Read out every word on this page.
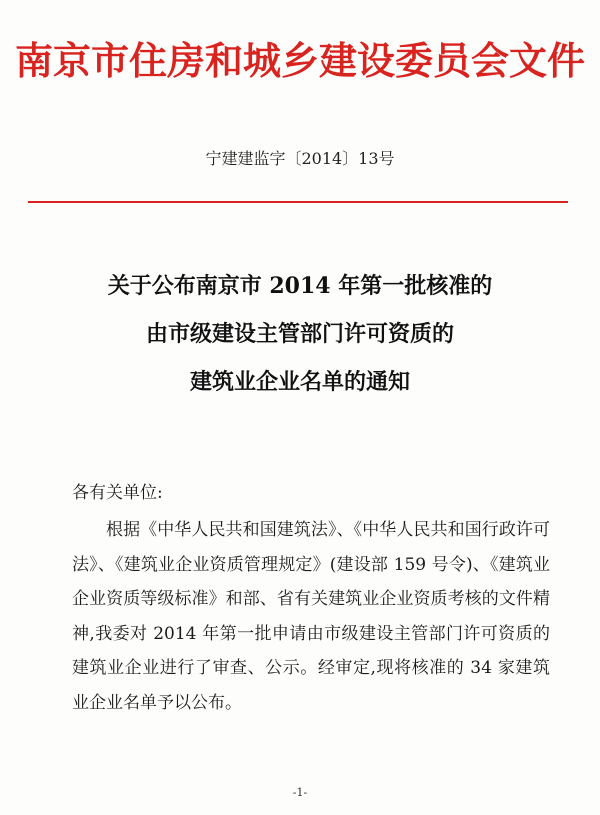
南京市住房和城乡建设委员会文件
宁建建监字〔2014〕13号
关于公布南京市 2014 年第一批核准的
由市级建设主管部门许可资质的
建筑业企业名单的通知
各有关单位:
根据《中华人民共和国建筑法》、《中华人民共和国行政许可
法》、《建筑业企业资质管理规定》(建设部 159 号令)、《建筑业
企业资质等级标准》和部、省有关建筑业企业资质考核的文件精
神,我委对 2014 年第一批申请由市级建设主管部门许可资质的
建筑业企业进行了审查、公示。经审定,现将核准的 34 家建筑
业企业名单予以公布。
-1-
